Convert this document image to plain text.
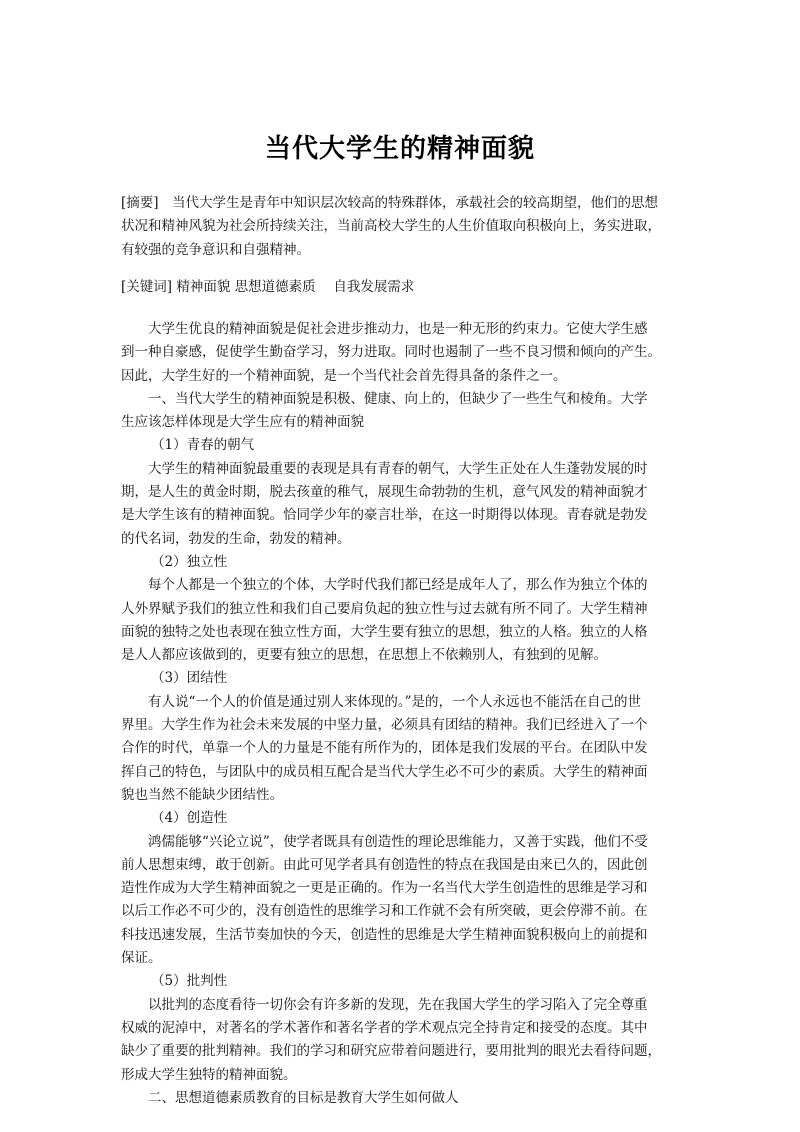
当代大学生的精神面貌
[摘要]　当代大学生是青年中知识层次较高的特殊群体，承载社会的较高期望，他们的思想
状况和精神风貌为社会所持续关注，当前高校大学生的人生价值取向积极向上，务实进取，
有较强的竞争意识和自强精神。
[关键词] 精神面貌 思想道德素质　 自我发展需求
大学生优良的精神面貌是促社会进步推动力，也是一种无形的约束力。它使大学生感
到一种自豪感，促使学生勤奋学习，努力进取。同时也遏制了一些不良习惯和倾向的产生。
因此，大学生好的一个精神面貌，是一个当代社会首先得具备的条件之一。
一、当代大学生的精神面貌是积极、健康、向上的，但缺少了一些生气和棱角。大学
生应该怎样体现是大学生应有的精神面貌
（1）青春的朝气
大学生的精神面貌最重要的表现是具有青春的朝气，大学生正处在人生蓬勃发展的时
期，是人生的黄金时期，脱去孩童的稚气，展现生命勃勃的生机，意气风发的精神面貌才
是大学生该有的精神面貌。恰同学少年的豪言壮举，在这一时期得以体现。青春就是勃发
的代名词，勃发的生命，勃发的精神。
（2）独立性
每个人都是一个独立的个体，大学时代我们都已经是成年人了，那么作为独立个体的
人外界赋予我们的独立性和我们自己要肩负起的独立性与过去就有所不同了。大学生精神
面貌的独特之处也表现在独立性方面，大学生要有独立的思想，独立的人格。独立的人格
是人人都应该做到的，更要有独立的思想，在思想上不依赖别人，有独到的见解。
（3）团结性
有人说“一个人的价值是通过别人来体现的。”是的，一个人永远也不能活在自己的世
界里。大学生作为社会未来发展的中坚力量，必须具有团结的精神。我们已经进入了一个
合作的时代，单靠一个人的力量是不能有所作为的，团体是我们发展的平台。在团队中发
挥自己的特色，与团队中的成员相互配合是当代大学生必不可少的素质。大学生的精神面
貌也当然不能缺少团结性。
（4）创造性
鸿儒能够“兴论立说”，使学者既具有创造性的理论思维能力，又善于实践，他们不受
前人思想束缚，敢于创新。由此可见学者具有创造性的特点在我国是由来已久的，因此创
造性作成为大学生精神面貌之一更是正确的。作为一名当代大学生创造性的思维是学习和
以后工作必不可少的，没有创造性的思维学习和工作就不会有所突破，更会停滞不前。在
科技迅速发展，生活节奏加快的今天，创造性的思维是大学生精神面貌积极向上的前提和
保证。
（5）批判性
以批判的态度看待一切你会有许多新的发现，先在我国大学生的学习陷入了完全尊重
权威的泥淖中，对著名的学术著作和著名学者的学术观点完全持肯定和接受的态度。其中
缺少了重要的批判精神。我们的学习和研究应带着问题进行，要用批判的眼光去看待问题，
形成大学生独特的精神面貌。
二、思想道德素质教育的目标是教育大学生如何做人
